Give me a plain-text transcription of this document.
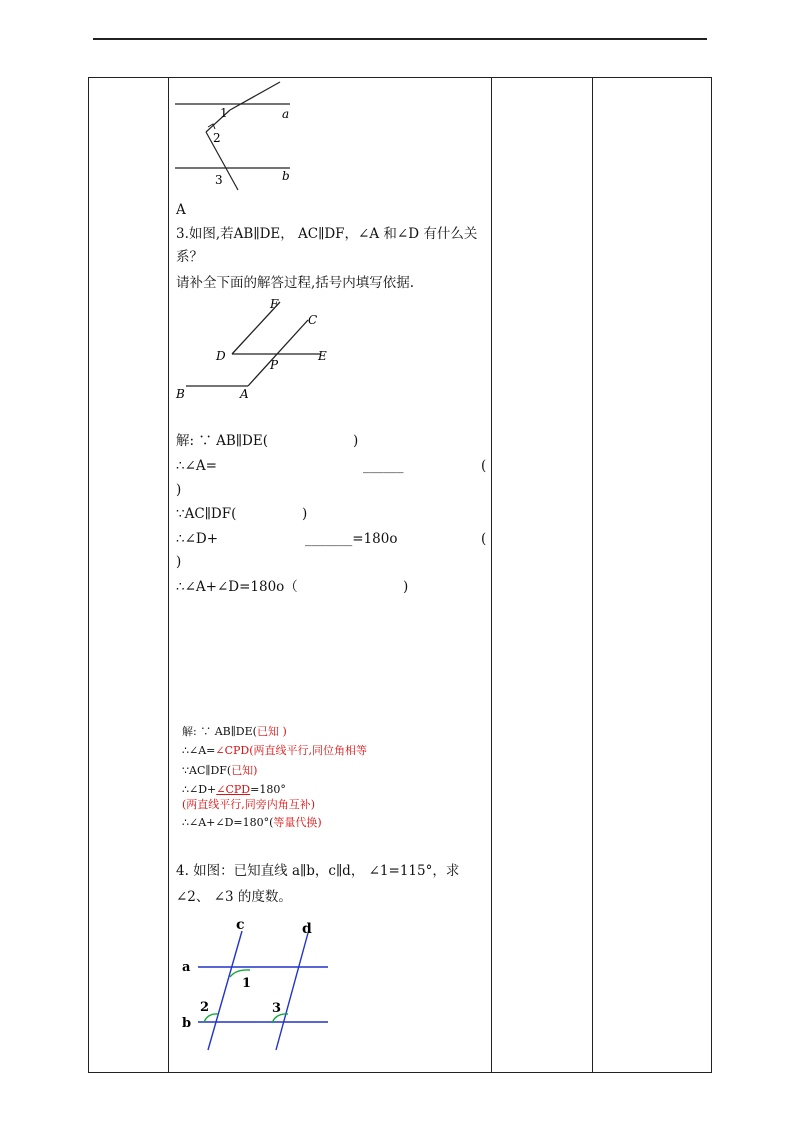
1
2
3
a
b
A
3.如图,若AB∥DE， AC∥DF，∠A 和∠D 有什么关
系？
请补全下面的解答过程,括号内填写依据.
F
C
D
P
E
B	A
解: ∵ AB∥DE(	)
∴∠A=	______	(
)
∵AC∥DF(	)
∴∠D+	_______=180o	(
)
∴∠A+∠D=180o（	)
解: ∵ AB∥DE(已知 )
∴∠A=∠CPD(两直线平行,同位角相等
∵AC∥DF(已知)
∴∠D+∠CPD=180°
(两直线平行,同旁内角互补)
∴∠A+∠D=180°(等量代换)
4. 如图：已知直线 a∥b，c∥d， ∠1=115°，求
∠2、 ∠3 的度数。
c	d
a
b
1
2	3
